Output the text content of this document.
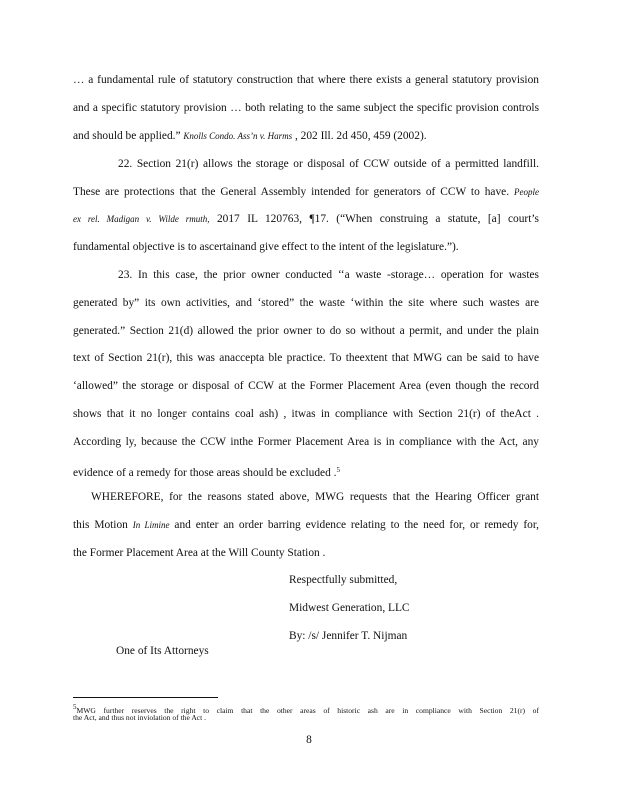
… a fundamental rule of statutory construction that where there exists a general statutory provision
and a specific statutory provision … both relating to the same subject the specific provision controls
and should be applied.” Knolls Condo. Ass’n v. Harms , 202 Ill. 2d 450, 459 (2002).
22. Section 21(r) allows the storage or disposal of CCW outside of a permitted landfill.
These are protections that the General Assembly intended for generators of CCW to have. People
ex rel. Madigan v. Wilde rmuth, 2017 IL 120763, ¶17. (“When construing a statute, [a] court’s
fundamental objective is to ascertainand give effect to the intent of the legislature.”).
23. In this case, the prior owner conducted ‘‘a waste -storage… operation for wastes
generated by” its own activities, and ‘stored” the waste ‘within the site where such wastes are
generated.” Section 21(d) allowed the prior owner to do so without a permit, and under the plain
text of Section 21(r), this was anaccepta ble practice. To theextent that MWG can be said to have
‘allowed” the storage or disposal of CCW at the Former Placement Area (even though the record
shows that it no longer contains coal ash) , itwas in compliance with Section 21(r) of theAct .
According ly, because the CCW inthe Former Placement Area is in compliance with the Act, any
evidence of a remedy for those areas should be excluded .$^5$
WHEREFORE, for the reasons stated above, MWG requests that the Hearing Officer grant
this Motion In Limine and enter an order barring evidence relating to the need for, or remedy for,
the Former Placement Area at the Will County Station .
Respectfully submitted,
Midwest Generation, LLC
By: /s/ Jennifer T. Nijman
One of Its Attorneys
5MWG further reserves the right to claim that the other areas of historic ash are in compliance with Section 21(r) of
the Act, and thus not inviolation of the Act .
8
